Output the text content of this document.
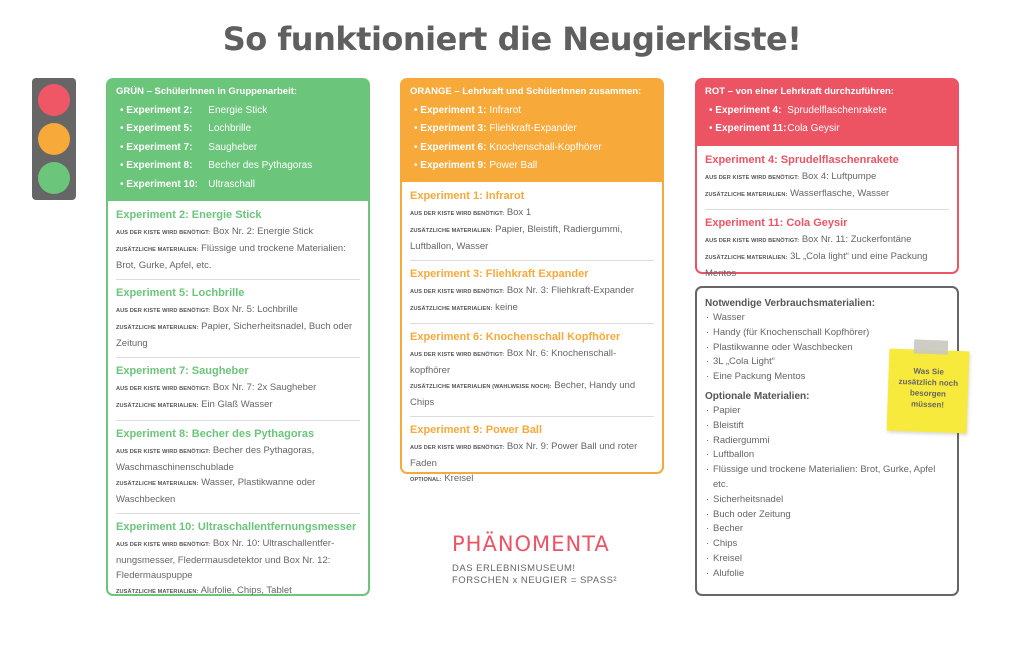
So funktioniert die Neugierkiste!
GRÜN – SchülerInnen in Gruppenarbeit:
• Experiment 2: Energie Stick
• Experiment 5: Lochbrille
• Experiment 7: Saugheber
• Experiment 8: Becher des Pythagoras
• Experiment 10: Ultraschall
Experiment 2: Energie Stick
AUS DER KISTE WIRD BENÖTIGT: Box Nr. 2: Energie Stick
ZUSÄTZLICHE MATERIALIEN: Flüssige und trockene Materialien: Brot, Gurke, Apfel, etc.
Experiment 5: Lochbrille
AUS DER KISTE WIRD BENÖTIGT: Box Nr. 5: Lochbrille
ZUSÄTZLICHE MATERIALIEN: Papier, Sicherheitsnadel, Buch oder Zeitung
Experiment 7: Saugheber
AUS DER KISTE WIRD BENÖTIGT: Box Nr. 7: 2x Saugheber
ZUSÄTZLICHE MATERIALIEN: Ein Glaß Wasser
Experiment 8: Becher des Pythagoras
AUS DER KISTE WIRD BENÖTIGT: Becher des Pythagoras, Waschmaschinenschublade
ZUSÄTZLICHE MATERIALIEN: Wasser, Plastikwanne oder Waschbecken
Experiment 10: Ultraschallentfernungsmesser
AUS DER KISTE WIRD BENÖTIGT: Box Nr. 10: Ultraschallentfer-nungsmesser, Fledermausdetektor und Box Nr. 12: Fledermauspuppe
ZUSÄTZLICHE MATERIALIEN: Alufolie, Chips, Tablet
ORANGE – Lehrkraft und SchülerInnen zusammen:
• Experiment 1: Infrarot
• Experiment 3: Fliehkraft-Expander
• Experiment 6: Knochenschall-Kopfhörer
• Experiment 9: Power Ball
Experiment 1: Infrarot
AUS DER KISTE WIRD BENÖTIGT: Box 1
ZUSÄTZLICHE MATERIALIEN: Papier, Bleistift, Radiergummi, Luftballon, Wasser
Experiment 3: Fliehkraft Expander
AUS DER KISTE WIRD BENÖTIGT: Box Nr. 3: Fliehkraft-Expander
ZUSÄTZLICHE MATERIALIEN: keine
Experiment 6: Knochenschall Kopfhörer
AUS DER KISTE WIRD BENÖTIGT: Box Nr. 6: Knochenschall-kopfhörer
ZUSÄTZLICHE MATERIALIEN (WAHLWEISE NOCH): Becher, Handy und Chips
Experiment 9: Power Ball
AUS DER KISTE WIRD BENÖTIGT: Box Nr. 9: Power Ball und roter Faden
OPTIONAL: Kreisel
ROT – von einer Lehrkraft durchzuführen:
• Experiment 4: Sprudelflaschenrakete
• Experiment 11:Cola Geysir
Experiment 4: Sprudelflaschenrakete
AUS DER KISTE WIRD BENÖTIGT: Box 4: Luftpumpe
ZUSÄTZLICHE MATERIALIEN: Wasserflasche, Wasser
Experiment 11: Cola Geysir
AUS DER KISTE WIRD BENÖTIGT: Box Nr. 11: Zuckerfontäne
ZUSÄTZLICHE MATERIALIEN: 3L „Cola light“ und eine Packung Mentos
Notwendige Verbrauchsmaterialien:
· Wasser
· Handy (für Knochenschall Kopfhörer)
· Plastikwanne oder Waschbecken
· 3L „Cola Light“
· Eine Packung Mentos
Optionale Materialien:
· Papier
· Bleistift
· Radiergummi
· Luftballon
· Flüssige und trockene Materialien: Brot, Gurke, Apfel etc.
· Sicherheitsnadel
· Buch oder Zeitung
· Becher
· Chips
· Kreisel
· Alufolie
Was Sie
zusätzlich noch
besorgen
müssen!
PHÄNOMENTA
DAS ERLEBNISMUSEUM!
FORSCHEN x NEUGIER = SPASS²
